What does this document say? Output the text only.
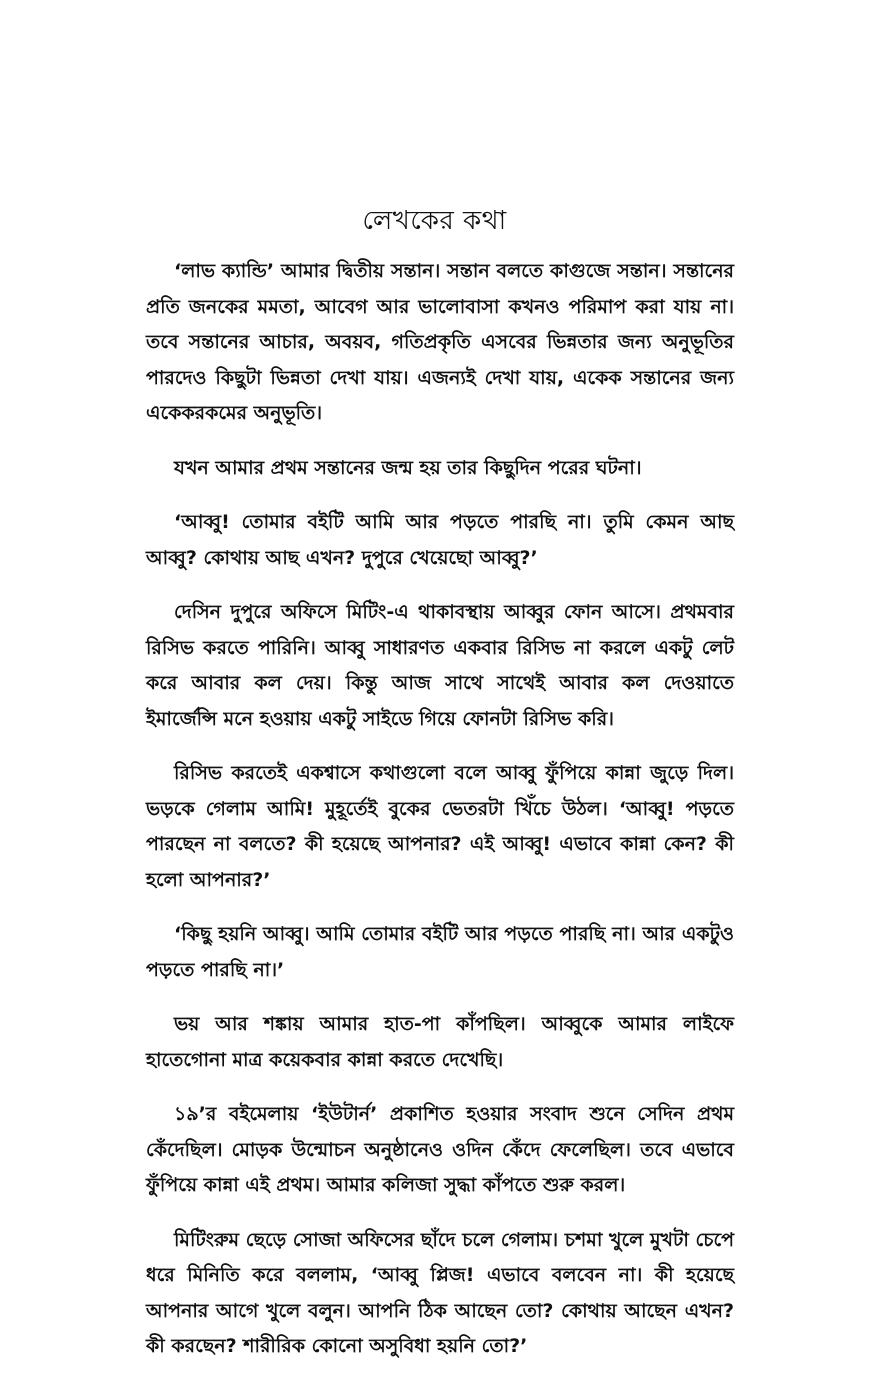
লেখকের কথা

‘লাভ ক্যান্ডি’ আমার দ্বিতীয় সন্তান। সন্তান বলতে কাগুজে সন্তান। সন্তানের প্রতি জনকের মমতা, আবেগ আর ভালোবাসা কখনও পরিমাপ করা যায় না। তবে সন্তানের আচার, অবয়ব, গতিপ্রকৃতি এসবের ভিন্নতার জন্য অনুভূতির পারদেও কিছুটা ভিন্নতা দেখা যায়। এজন্যই দেখা যায়, একেক সন্তানের জন্য একেকরকমের অনুভূতি।

যখন আমার প্রথম সন্তানের জন্ম হয় তার কিছুদিন পরের ঘটনা।

‘আব্বু! তোমার বইটি আমি আর পড়তে পারছি না। তুমি কেমন আছ আব্বু? কোথায় আছ এখন? দুপুরে খেয়েছো আব্বু?’

দেসিন দুপুরে অফিসে মিটিং-এ থাকাবস্থায় আব্বুর ফোন আসে। প্রথমবার রিসিভ করতে পারিনি। আব্বু সাধারণত একবার রিসিভ না করলে একটু লেট করে আবার কল দেয়। কিন্তু আজ সাথে সাথেই আবার কল দেওয়াতে ইমার্জেন্সি মনে হওয়ায় একটু সাইডে গিয়ে ফোনটা রিসিভ করি।

রিসিভ করতেই একশ্বাসে কথাগুলো বলে আব্বু ফুঁপিয়ে কান্না জুড়ে দিল। ভড়কে গেলাম আমি! মুহূর্তেই বুকের ভেতরটা খিঁচে উঠল। ‘আব্বু! পড়তে পারছেন না বলতে? কী হয়েছে আপনার? এই আব্বু! এভাবে কান্না কেন? কী হলো আপনার?’

‘কিছু হয়নি আব্বু। আমি তোমার বইটি আর পড়তে পারছি না। আর একটুও পড়তে পারছি না।’

ভয় আর শঙ্কায় আমার হাত-পা কাঁপছিল। আব্বুকে আমার লাইফে হাতেগোনা মাত্র কয়েকবার কান্না করতে দেখেছি।

১৯’র বইমেলায় ‘ইউটার্ন’ প্রকাশিত হওয়ার সংবাদ শুনে সেদিন প্রথম কেঁদেছিল। মোড়ক উন্মোচন অনুষ্ঠানেও ওদিন কেঁদে ফেলেছিল। তবে এভাবে ফুঁপিয়ে কান্না এই প্রথম। আমার কলিজা সুদ্ধা কাঁপতে শুরু করল।

মিটিংরুম ছেড়ে সোজা অফিসের ছাঁদে চলে গেলাম। চশমা খুলে মুখটা চেপে ধরে মিনিতি করে বললাম, ‘আব্বু প্লিজ! এভাবে বলবেন না। কী হয়েছে আপনার আগে খুলে বলুন। আপনি ঠিক আছেন তো? কোথায় আছেন এখন? কী করছেন? শারীরিক কোনো অসুবিধা হয়নি তো?’
